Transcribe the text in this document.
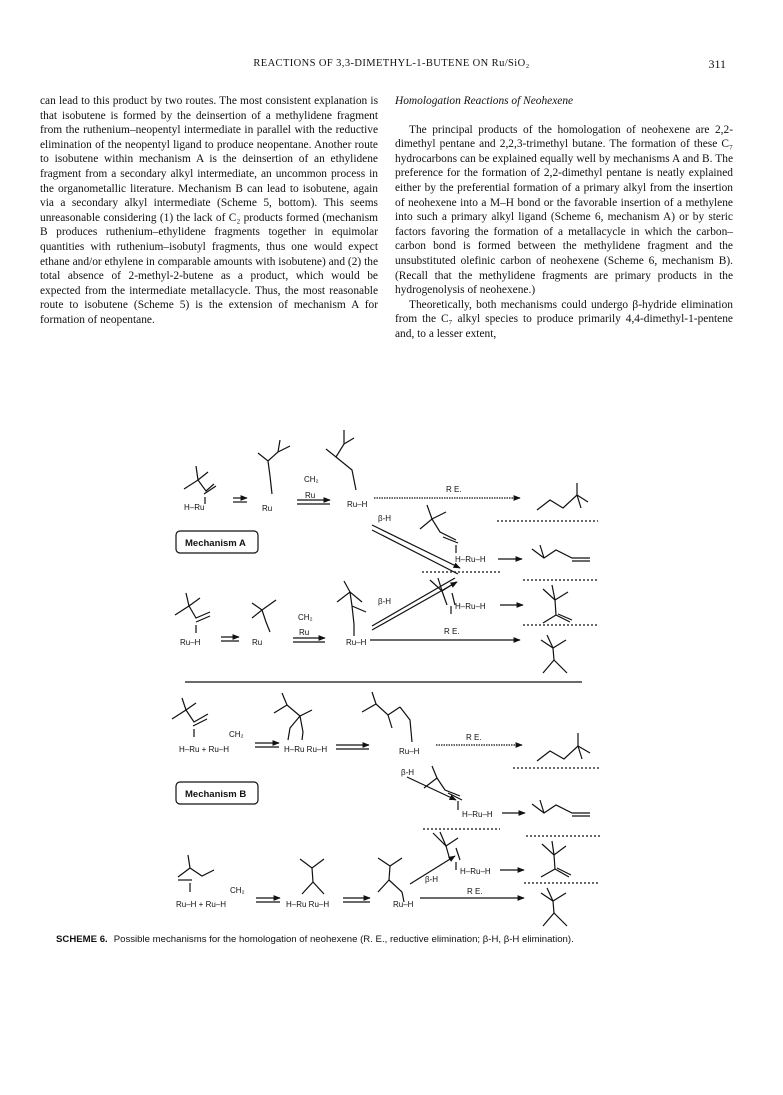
REACTIONS OF 3,3-DIMETHYL-1-BUTENE ON Ru/SiO₂	311

can lead to this product by two routes. The most consistent explanation is that isobutene is formed by the deinsertion of a methylidene fragment from the ruthenium–neopentyl intermediate in parallel with the reductive elimination of the neopentyl ligand to produce neopentane. Another route to isobutene within mechanism A is the deinsertion of an ethylidene fragment from a secondary alkyl intermediate, an uncommon process in the organometallic literature. Mechanism B can lead to isobutene, again via a secondary alkyl intermediate (Scheme 5, bottom). This seems unreasonable considering (1) the lack of C₂ products formed (mechanism B produces ruthenium–ethylidene fragments together in equimolar quantities with ruthenium–isobutyl fragments, thus one would expect ethane and/or ethylene in comparable amounts with isobutene) and (2) the total absence of 2-methyl-2-butene as a product, which would be expected from the intermediate metallacycle. Thus, the most reasonable route to isobutene (Scheme 5) is the extension of mechanism A for formation of neopentane.

Homologation Reactions of Neohexene

The principal products of the homologation of neohexene are 2,2-dimethyl pentane and 2,2,3-trimethyl butane. The formation of these C₇ hydrocarbons can be explained equally well by mechanisms A and B. The preference for the formation of 2,2-dimethyl pentane is neatly explained either by the preferential formation of a primary alkyl from the insertion of neohexene into a M–H bond or the favorable insertion of a methylene into such a primary alkyl ligand (Scheme 6, mechanism A) or by steric factors favoring the formation of a metallacycle in which the carbon–carbon bond is formed between the methylidene fragment and the unsubstituted olefinic carbon of neohexene (Scheme 6, mechanism B). (Recall that the methylidene fragments are primary products in the hydrogenolysis of neohexene.)

Theoretically, both mechanisms could undergo β-hydride elimination from the C₇ alkyl species to produce primarily 4,4-dimethyl-1-pentene and, to a lesser extent,

H–Ru	Ru
CH₂
Ru
Ru–H
R E.
β-H
H–Ru–H
Mechanism A
Ru–H	Ru
CH₂
Ru
Ru–H
β-H
H–Ru–H
R E.
CH₂
H–Ru + Ru–H	H–Ru Ru–H	Ru–H
R E.
β-H
H–Ru–H
Mechanism B
CH₂
Ru–H + Ru–H	H–Ru Ru–H	Ru–H
β-H
H–Ru–H
R E.
SCHEME 6. Possible mechanisms for the homologation of neohexene (R. E., reductive elimination; β-H, β-H elimination).
